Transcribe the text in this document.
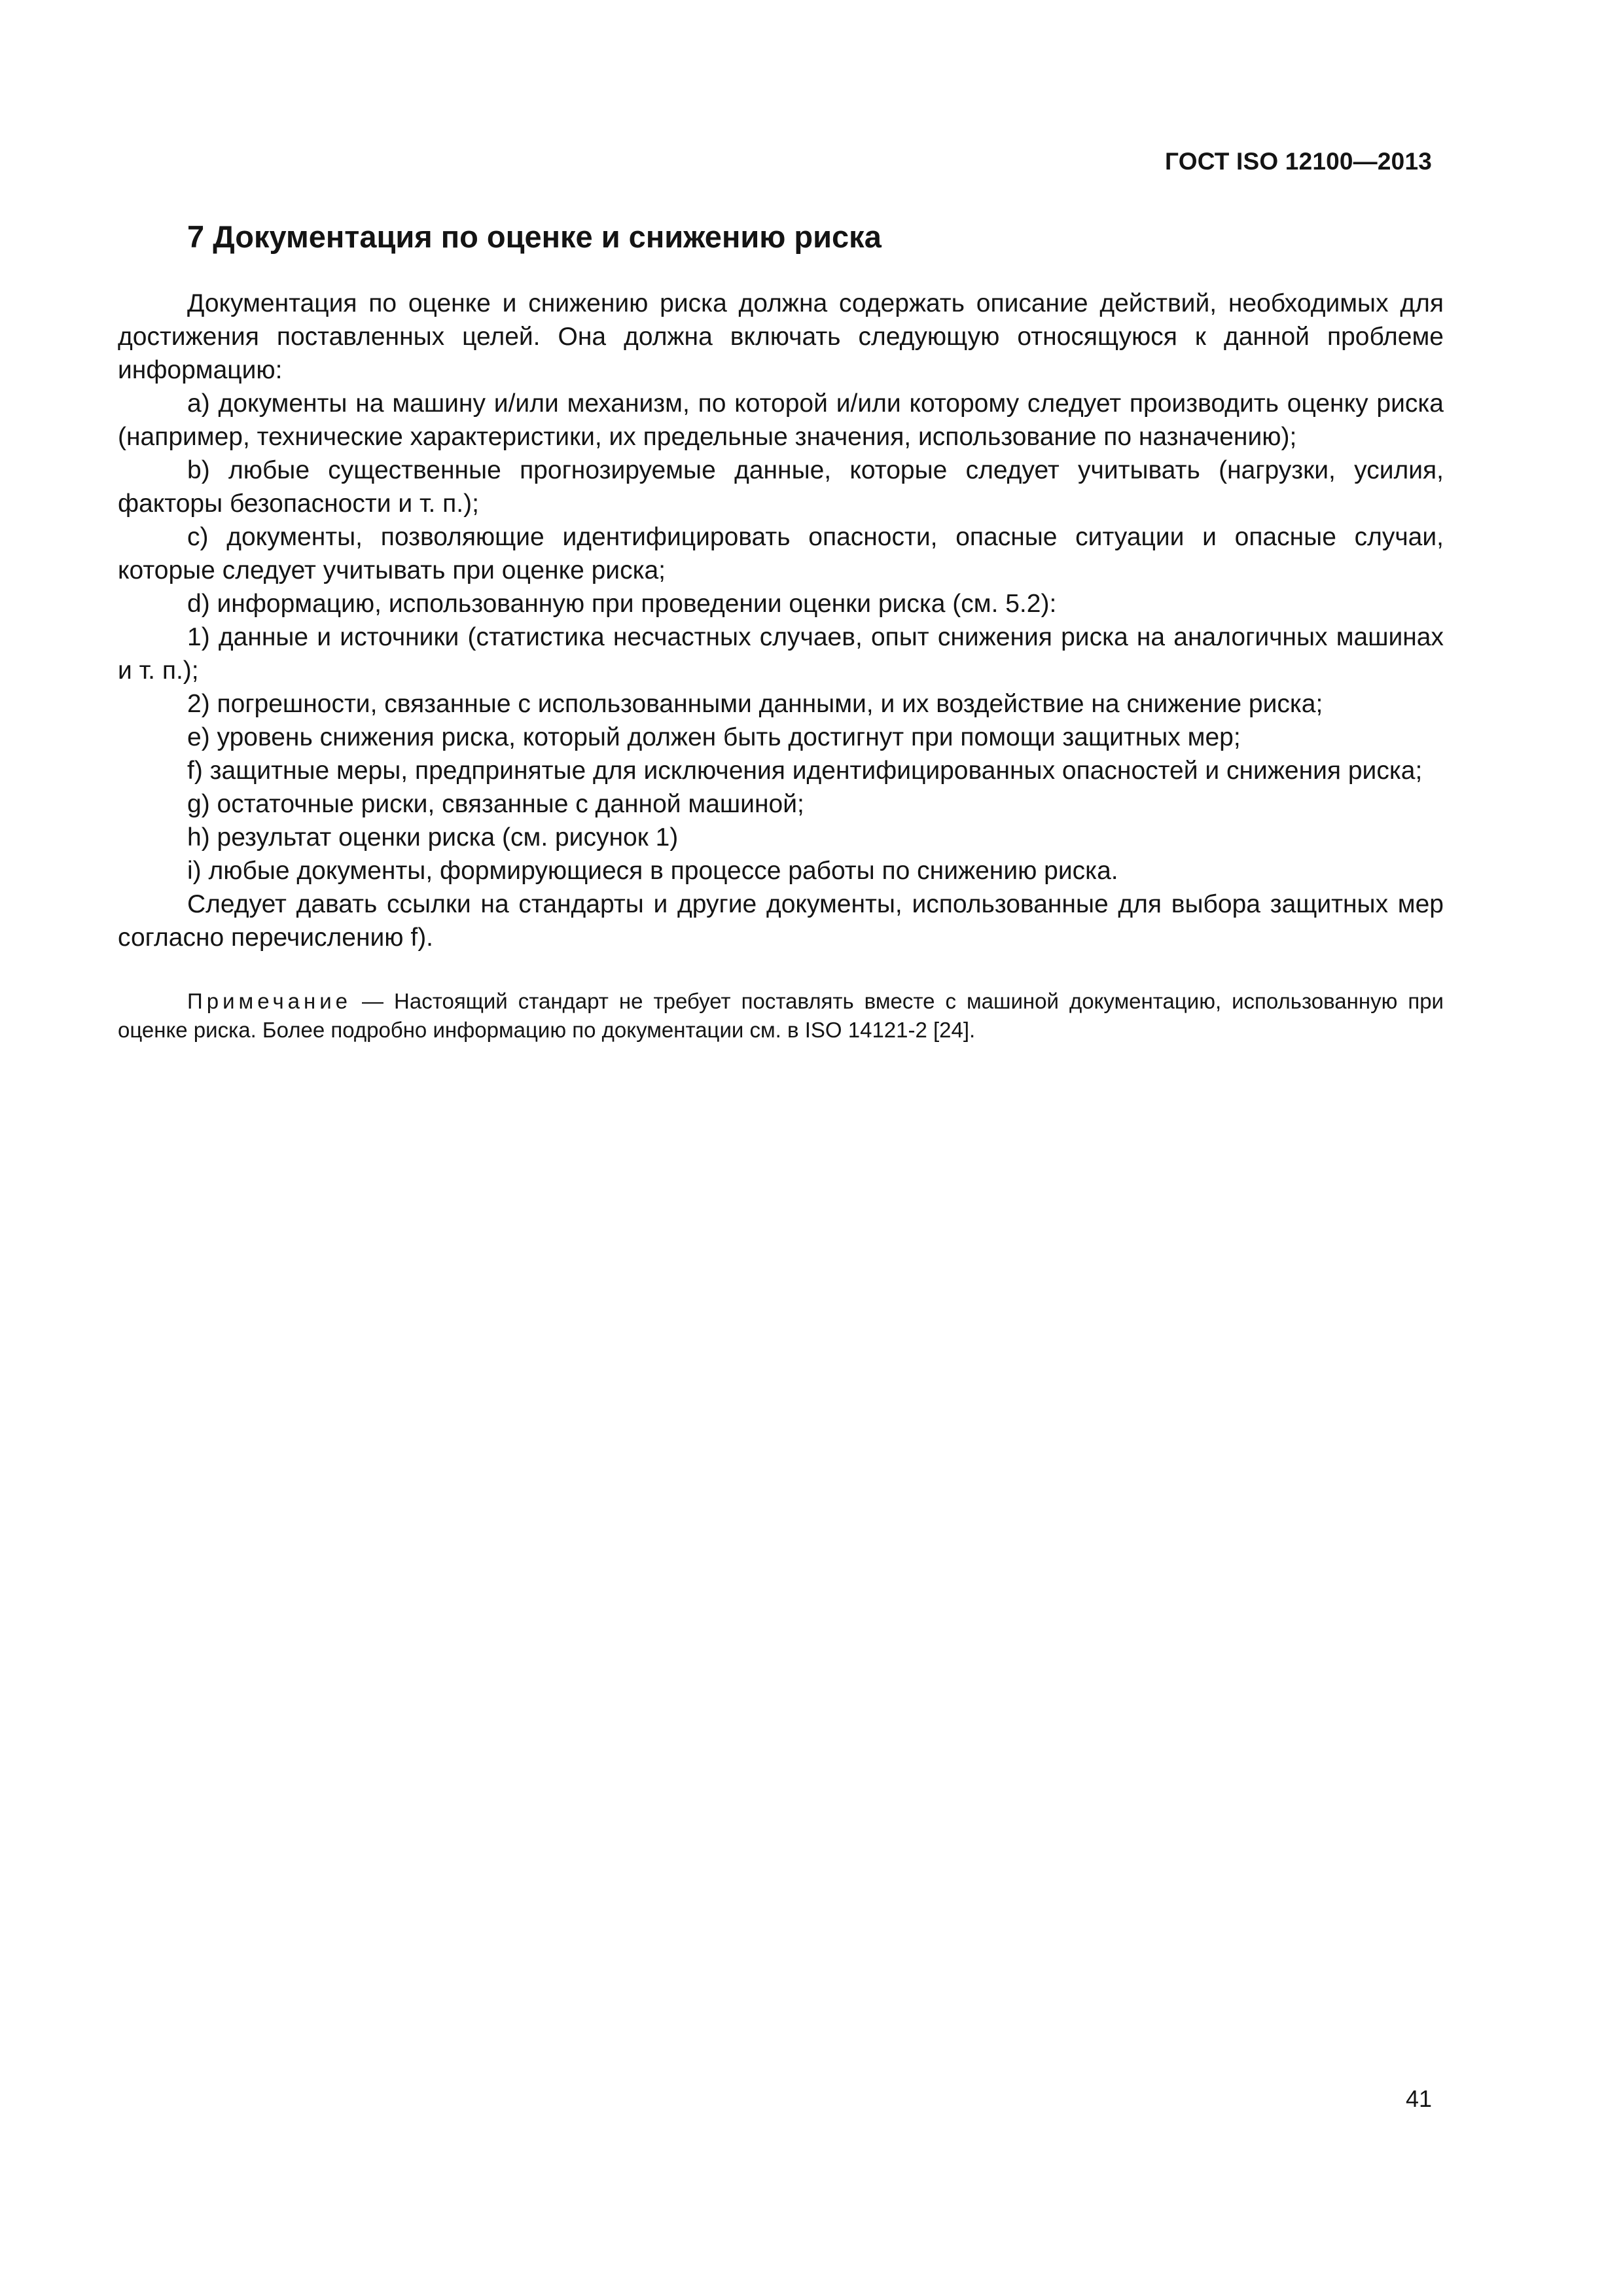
ГОСТ ISO 12100—2013
7 Документация по оценке и снижению риска

Документация по оценке и снижению риска должна содержать описание действий, необходимых для достижения поставленных целей. Она должна включать следующую относящуюся к данной проблеме информацию:

а) документы на машину и/или механизм, по которой и/или которому следует производить оценку риска (например, технические характеристики, их предельные значения, использование по назначению);

b) любые существенные прогнозируемые данные, которые следует учитывать (нагрузки, усилия, факторы безопасности и т. п.);

с) документы, позволяющие идентифицировать опасности, опасные ситуации и опасные случаи, которые следует учитывать при оценке риска;

d) информацию, использованную при проведении оценки риска (см. 5.2):

1) данные и источники (статистика несчастных случаев, опыт снижения риска на аналогичных машинах и т. п.);

2) погрешности, связанные с использованными данными, и их воздействие на снижение риска;

е) уровень снижения риска, который должен быть достигнут при помощи защитных мер;

f) защитные меры, предпринятые для исключения идентифицированных опасностей и снижения риска;

g) остаточные риски, связанные с данной машиной;

h) результат оценки риска (см. рисунок 1)

i) любые документы, формирующиеся в процессе работы по снижению риска.

Следует давать ссылки на стандарты и другие документы, использованные для выбора защитных мер согласно перечислению f).

Примечание — Настоящий стандарт не требует поставлять вместе с машиной документацию, использованную при оценке риска. Более подробно информацию по документации см. в ISO 14121-2 [24].

41
